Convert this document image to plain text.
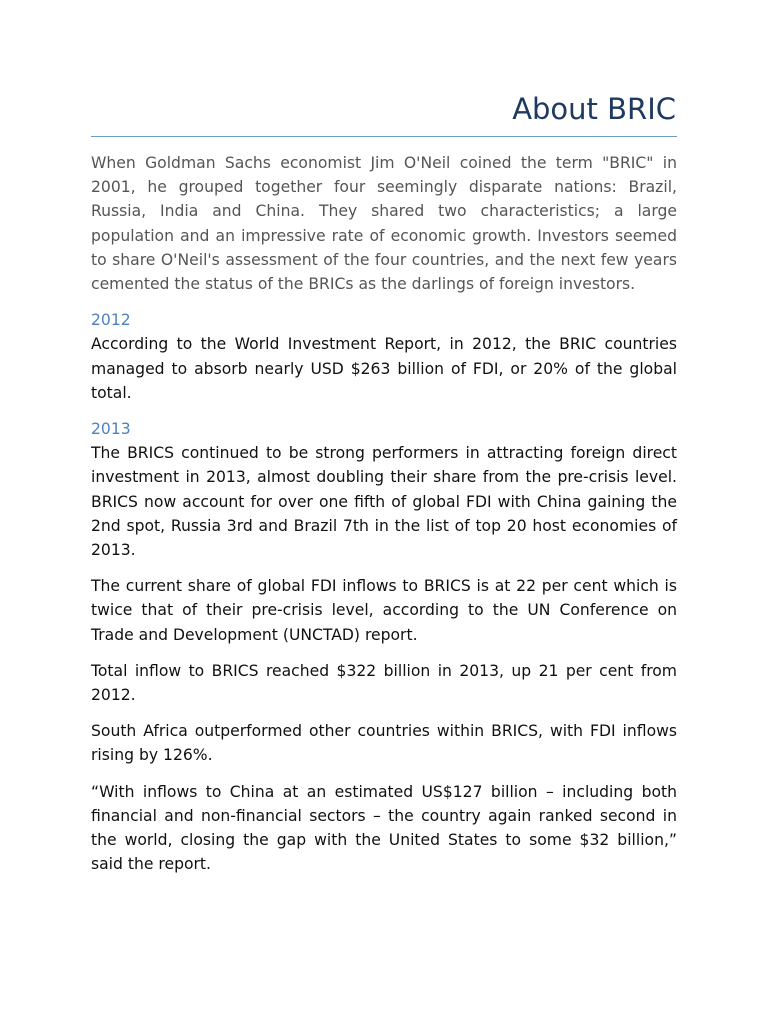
About BRIC

When Goldman Sachs economist Jim O'Neil coined the term "BRIC" in 2001, he grouped together four seemingly disparate nations: Brazil, Russia, India and China. They shared two characteristics; a large population and an impressive rate of economic growth. Investors seemed to share O'Neil's assessment of the four countries, and the next few years cemented the status of the BRICs as the darlings of foreign investors.

2012

According to the World Investment Report, in 2012, the BRIC countries managed to absorb nearly USD $263 billion of FDI, or 20% of the global total.

2013

The BRICS continued to be strong performers in attracting foreign direct investment in 2013, almost doubling their share from the pre-crisis level. BRICS now account for over one fifth of global FDI with China gaining the 2nd spot, Russia 3rd and Brazil 7th in the list of top 20 host economies of 2013.

The current share of global FDI inflows to BRICS is at 22 per cent which is twice that of their pre-crisis level, according to the UN Conference on Trade and Development (UNCTAD) report.

Total inflow to BRICS reached $322 billion in 2013, up 21 per cent from 2012.

South Africa outperformed other countries within BRICS, with FDI inflows rising by 126%.

“With inflows to China at an estimated US$127 billion – including both financial and non-financial sectors – the country again ranked second in the world, closing the gap with the United States to some $32 billion,” said the report.
